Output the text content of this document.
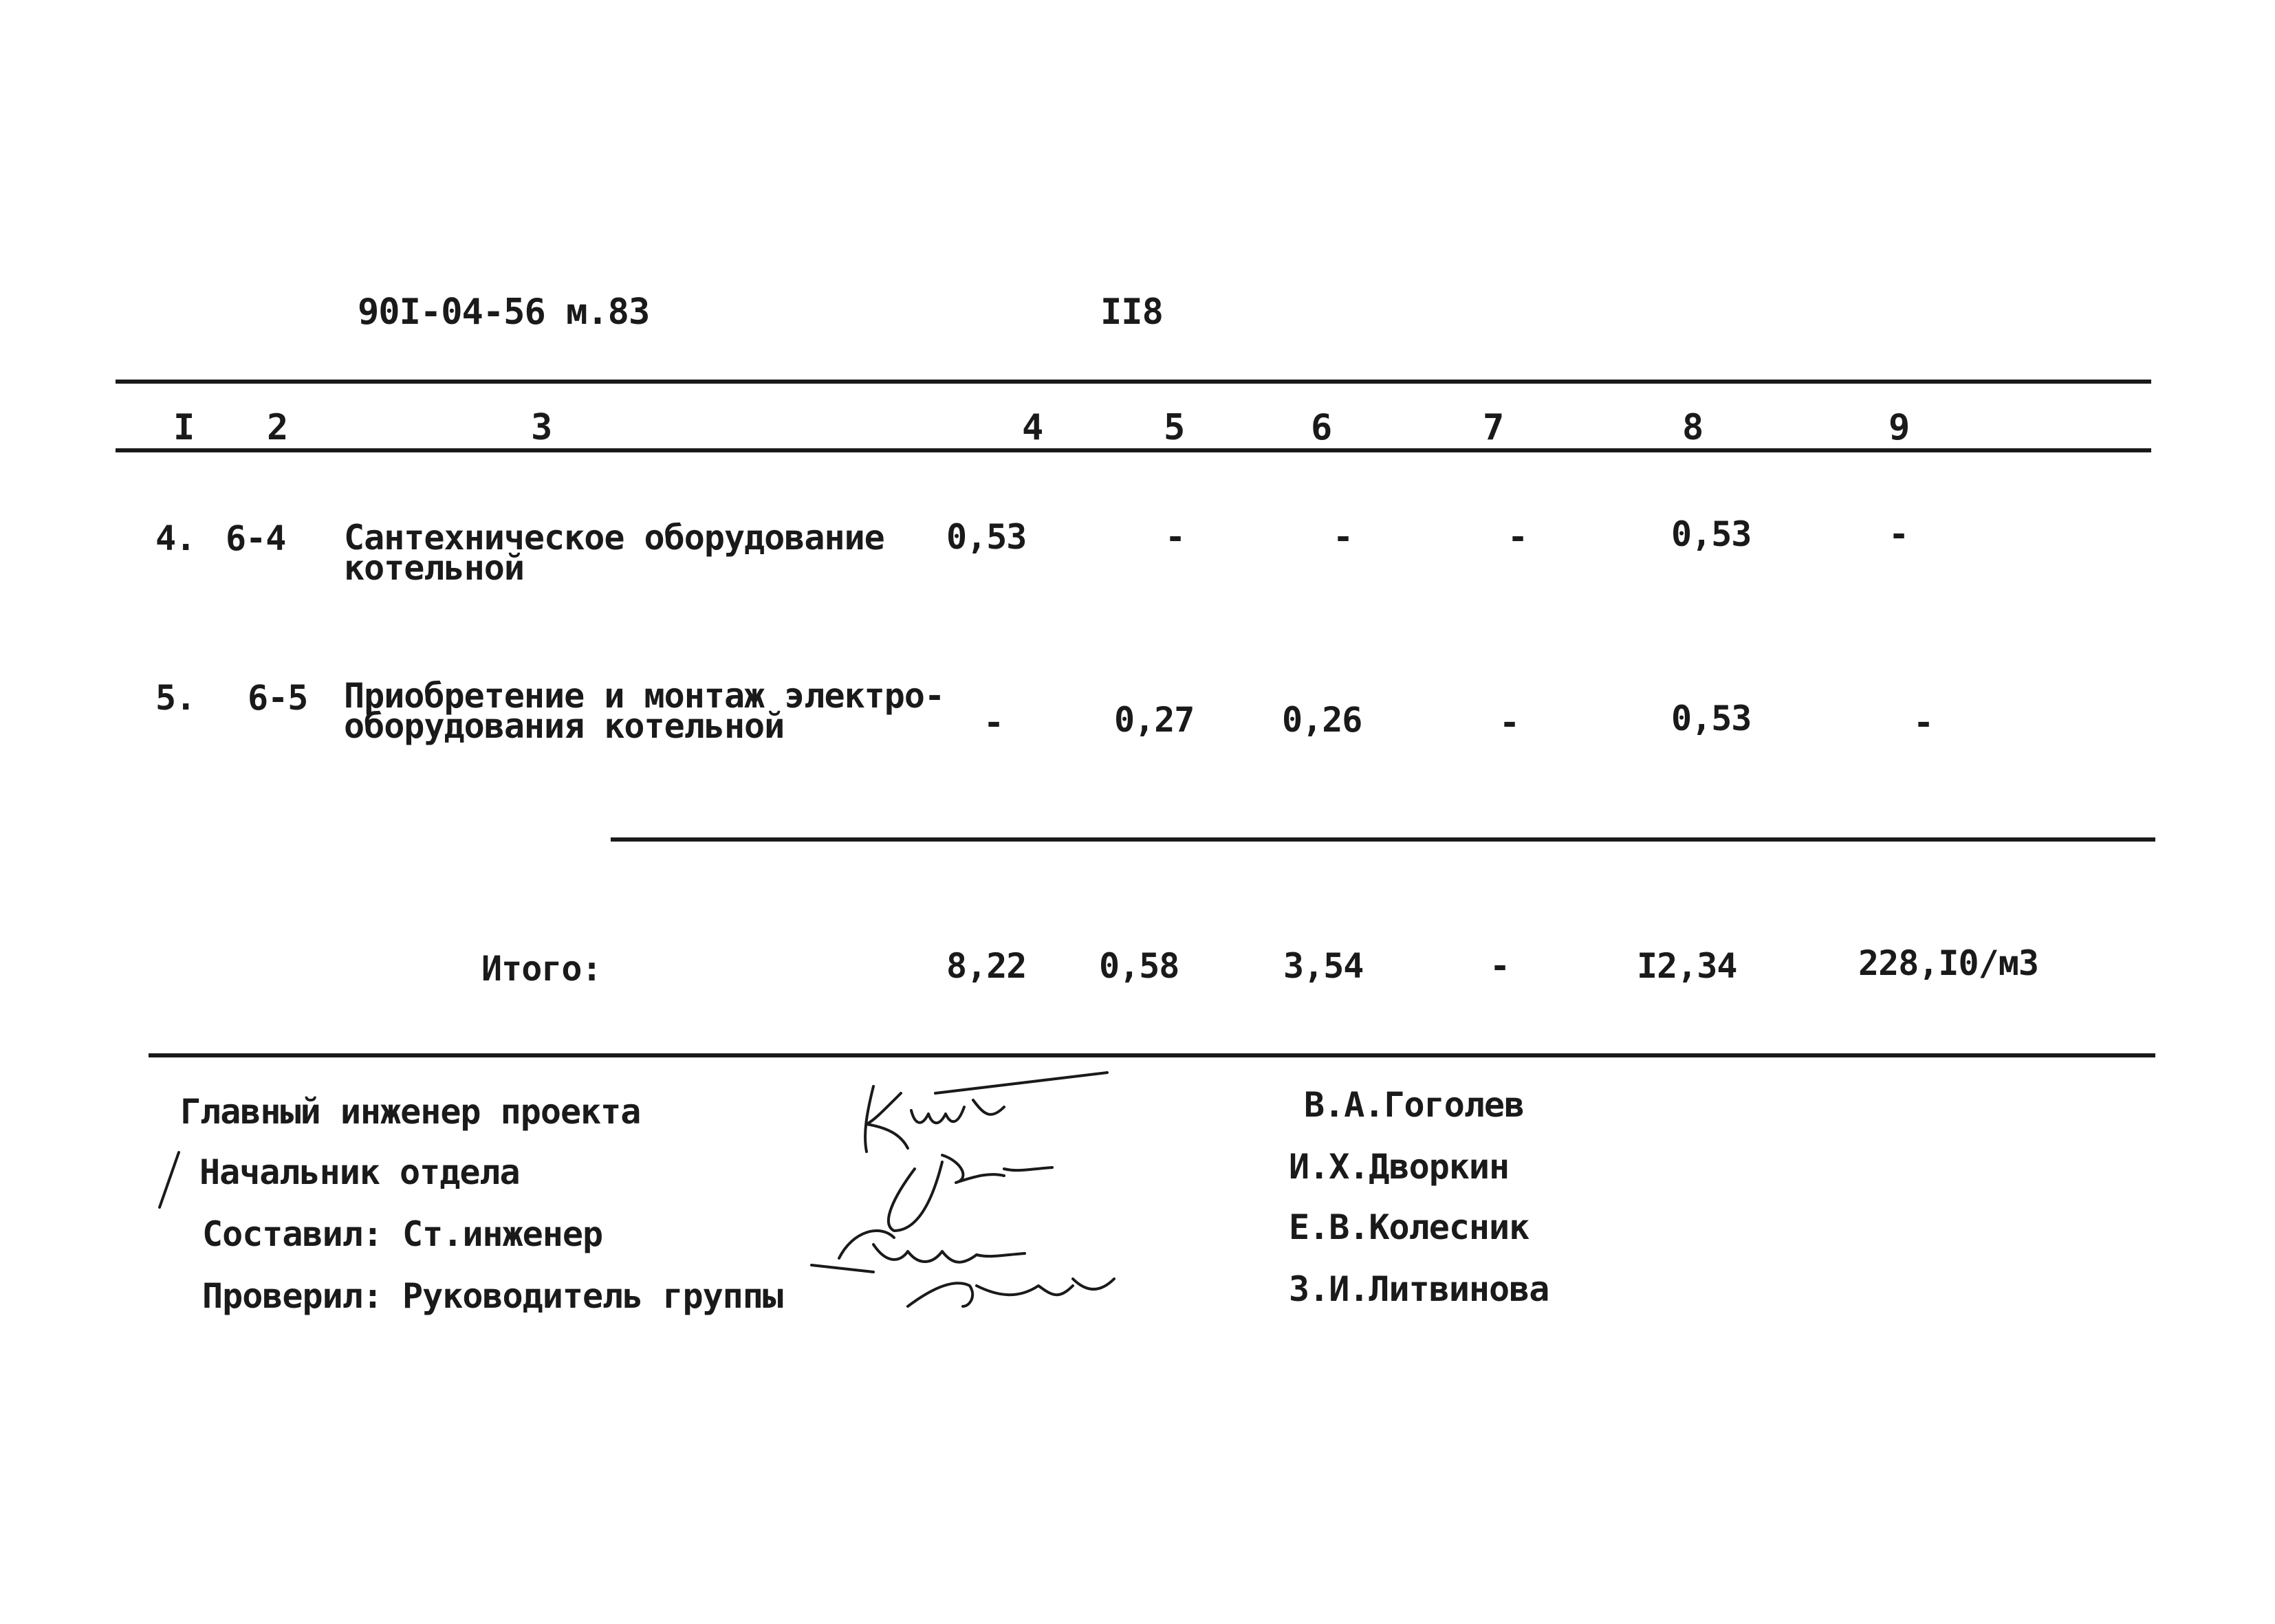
90I-04-56 м.83	II8
I 2	3	4	5	6	7	8	9
4. 6-4 Сантехническое оборудование
котельной
0,53	-	-	-	0,53	-
5. 6-5 Приобретение и монтаж электро-
оборудования котельной	-	0,27	0,26	-	0,53	-
Итого:	8,22 0,58	3,54	-	I2,34	228,I0/м3
Главный инженер проекта
Начальник отдела
Составил: Ст.инженер
Проверил: Руководитель группы
В.А.Гоголев
И.Х.Дворкин
Е.В.Колесник
З.И.Литвинова
